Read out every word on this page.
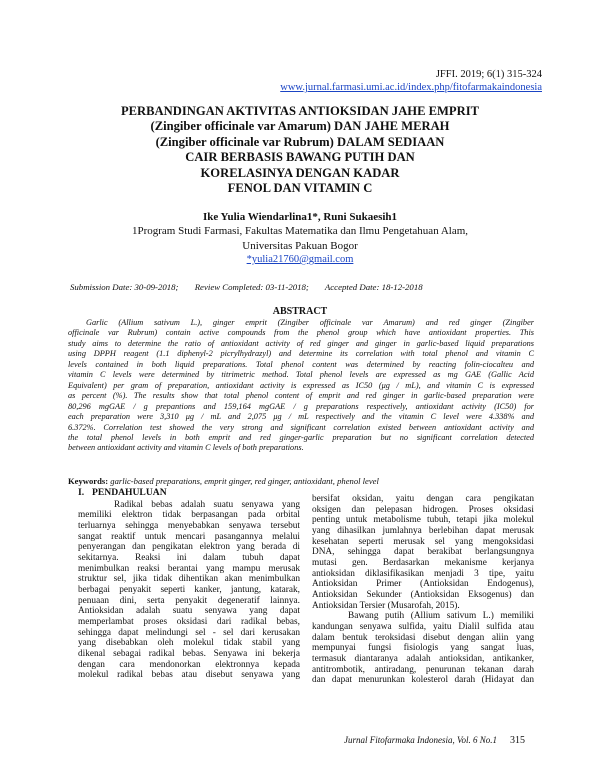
JFFI. 2019; 6(1) 315-324
www.jurnal.farmasi.umi.ac.id/index.php/fitofarmakaindonesia
PERBANDINGAN AKTIVITAS ANTIOKSIDAN JAHE EMPRIT
(Zingiber officinale var Amarum) DAN JAHE MERAH
(Zingiber officinale var Rubrum) DALAM SEDIAAN
CAIR BERBASIS BAWANG PUTIH DAN
KORELASINYA DENGAN KADAR
FENOL DAN VITAMIN C
Ike Yulia Wiendarlina1*, Runi Sukaesih1
1Program Studi Farmasi, Fakultas Matematika dan Ilmu Pengetahuan Alam,
Universitas Pakuan Bogor
*yulia21760@gmail.com
Submission Date: 30-09-2018; Review Completed: 03-11-2018; Accepted Date: 18-12-2018
ABSTRACT
Garlic (Allium sativum L.), ginger emprit (Zingiber officinale var Amarum) and red ginger (Zingiber
officinale var Rubrum) contain active compounds from the phenol group which have antioxidant properties. This
study aims to determine the ratio of antioxidant activity of red ginger and ginger in garlic-based liquid preparations
using DPPH reagent (1.1 diphenyl-2 picrylhydrazyl) and determine its correlation with total phenol and vitamin C
levels contained in both liquid preparations. Total phenol content was determined by reacting folin-ciocalteu and
vitamin C levels were determined by titrimetric method. Total phenol levels are expressed as mg GAE (Gallic Acid
Equivalent) per gram of preparation, antioxidant activity is expressed as IC50 (μg / mL), and vitamin C is expressed
as percent (%). The results show that total phenol content of emprit and red ginger in garlic-based preparation were
80,296 mgGAE / g prepantions and 159,164 mgGAE / g preparations respectively, antioxidant activity (IC50) for
each preparation were 3,310 μg / mL and 2,075 μg / mL respectively and the vitamin C level were 4.338% and
6.372%. Correlation test showed the very strong and significant correlation existed between antioxidant activity and
the total phenol levels in both emprit and red ginger-garlic preparation but no significant correlation detected
between antioxidant activity and vitamin C levels of both preparations.
Keywords: garlic-based preparations, emprit ginger, red ginger, antioxidant, phenol level
I. PENDAHULUAN
Radikal bebas adalah suatu senyawa yang
memiliki elektron tidak berpasangan pada orbital
terluarnya sehingga menyebabkan senyawa tersebut
sangat reaktif untuk mencari pasangannya melalui
penyerangan dan pengikatan elektron yang berada di
sekitarnya. Reaksi ini dalam tubuh dapat
menimbulkan reaksi berantai yang mampu merusak
struktur sel, jika tidak dihentikan akan menimbulkan
berbagai penyakit seperti kanker, jantung, katarak,
penuaan dini, serta penyakit degeneratif lainnya.
Antioksidan adalah suatu senyawa yang dapat
memperlambat proses oksidasi dari radikal bebas,
sehingga dapat melindungi sel - sel dari kerusakan
yang disebabkan oleh molekul tidak stabil yang
dikenal sebagai radikal bebas. Senyawa ini bekerja
dengan cara mendonorkan elektronnya kepada
molekul radikal bebas atau disebut senyawa yang
bersifat oksidan, yaitu dengan cara pengikatan
oksigen dan pelepasan hidrogen. Proses oksidasi
penting untuk metabolisme tubuh, tetapi jika molekul
yang dihasilkan jumlahnya berlebihan dapat merusak
kesehatan seperti merusak sel yang mengoksidasi
DNA, sehingga dapat berakibat berlangsungnya
mutasi gen. Berdasarkan mekanisme kerjanya
antioksidan diklasifikasikan menjadi 3 tipe, yaitu
Antioksidan Primer (Antioksidan Endogenus),
Antioksidan Sekunder (Antioksidan Eksogenus) dan
Antioksidan Tersier (Musarofah, 2015).
Bawang putih (Allium sativum L.) memiliki
kandungan senyawa sulfida, yaitu Dialil sulfida atau
dalam bentuk teroksidasi disebut dengan aliin yang
mempunyai fungsi fisiologis yang sangat luas,
termasuk diantaranya adalah antioksidan, antikanker,
antitrombotik, antiradang, penurunan tekanan darah
dan dapat menurunkan kolesterol darah (Hidayat dan
Jurnal Fitofarmaka Indonesia, Vol. 6 No.1 315
